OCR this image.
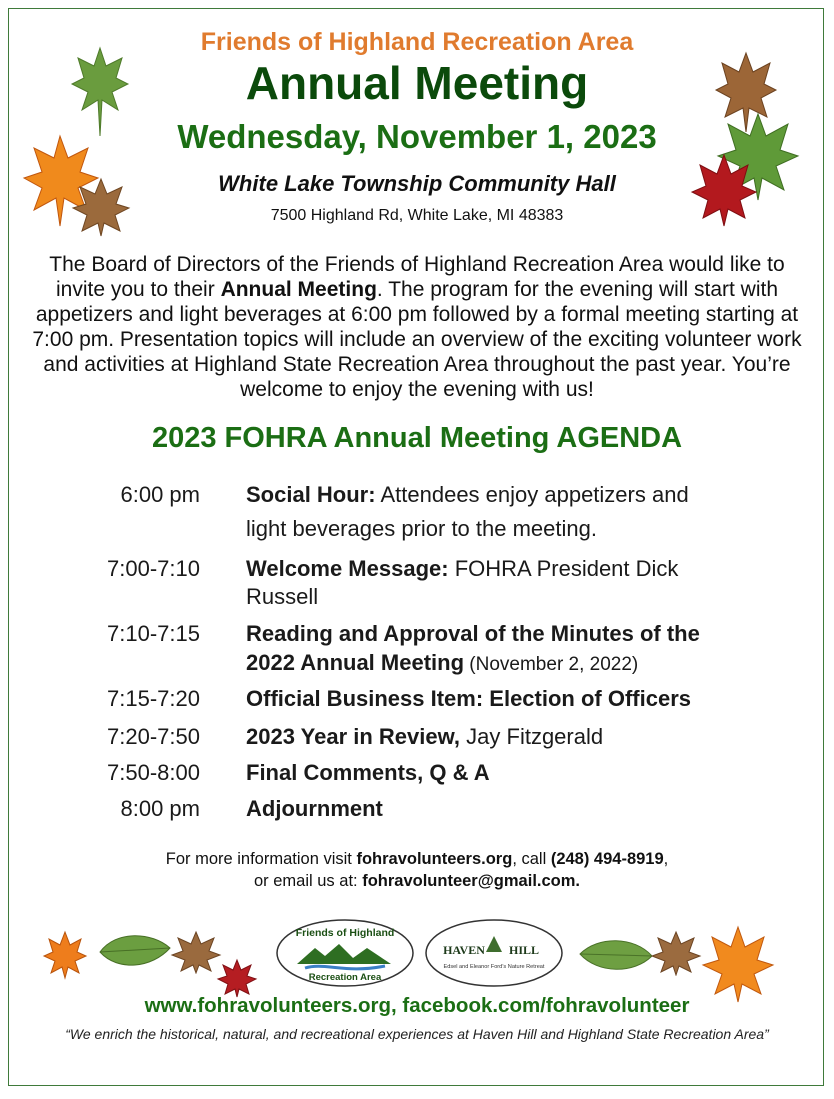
Friends of Highland Recreation Area
Annual Meeting
Wednesday, November 1, 2023
White Lake Township Community Hall
7500 Highland Rd, White Lake, MI 48383
The Board of Directors of the Friends of Highland Recreation Area would like to invite you to their Annual Meeting. The program for the evening will start with appetizers and light beverages at 6:00 pm followed by a formal meeting starting at 7:00 pm. Presentation topics will include an overview of the exciting volunteer work and activities at Highland State Recreation Area throughout the past year. You’re welcome to enjoy the evening with us!
2023 FOHRA Annual Meeting AGENDA
6:00 pm Social Hour: Attendees enjoy appetizers and
light beverages prior to the meeting.
7:00-7:10 Welcome Message: FOHRA President Dick
Russell
7:10-7:15 Reading and Approval of the Minutes of the
2022 Annual Meeting (November 2, 2022)
7:15-7:20 Official Business Item: Election of Officers
7:20-7:50 2023 Year in Review, Jay Fitzgerald
7:50-8:00 Final Comments, Q & A
8:00 pm Adjournment
For more information visit fohravolunteers.org, call (248) 494-8919,
or email us at: fohravolunteer@gmail.com.
Friends of Highland
Recreation Area
HAVEN HILL
Edsel and Eleanor Ford’s Nature Retreat
www.fohravolunteers.org, facebook.com/fohravolunteer
“We enrich the historical, natural, and recreational experiences at Haven Hill and Highland State Recreation Area”
